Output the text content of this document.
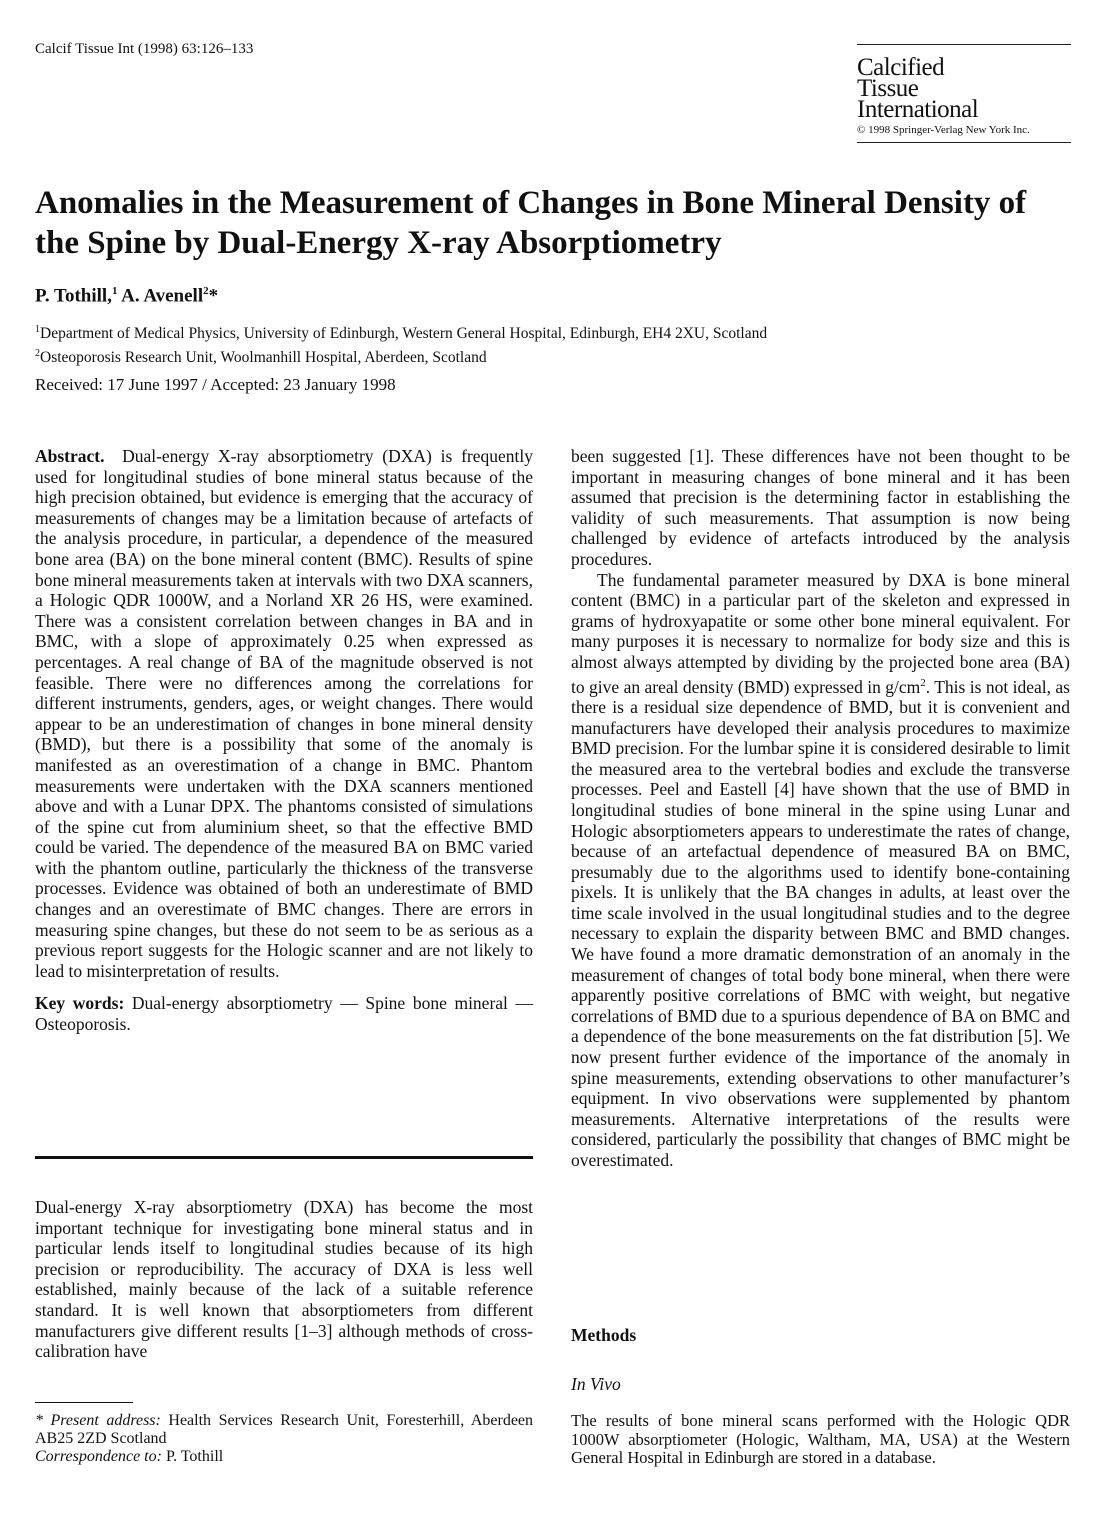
Calcif Tissue Int (1998) 63:126–133
Calcified
Tissue
International
© 1998 Springer-Verlag New York Inc.
Anomalies in the Measurement of Changes in Bone Mineral Density of the Spine by Dual-Energy X-ray Absorptiometry
P. Tothill,$^1$ A. Avenell$^2$*
$^1$Department of Medical Physics, University of Edinburgh, Western General Hospital, Edinburgh, EH4 2XU, Scotland
$^2$Osteoporosis Research Unit, Woolmanhill Hospital, Aberdeen, Scotland
Received: 17 June 1997 / Accepted: 23 January 1998

Abstract. Dual-energy X-ray absorptiometry (DXA) is frequently used for longitudinal studies of bone mineral status because of the high precision obtained, but evidence is emerging that the accuracy of measurements of changes may be a limitation because of artefacts of the analysis procedure, in particular, a dependence of the measured bone area (BA) on the bone mineral content (BMC). Results of spine bone mineral measurements taken at intervals with two DXA scanners, a Hologic QDR 1000W, and a Norland XR 26 HS, were examined. There was a consistent correlation between changes in BA and in BMC, with a slope of approximately 0.25 when expressed as percentages. A real change of BA of the magnitude observed is not feasible. There were no differences among the correlations for different instruments, genders, ages, or weight changes. There would appear to be an underestimation of changes in bone mineral density (BMD), but there is a possibility that some of the anomaly is manifested as an overestimation of a change in BMC. Phantom measurements were undertaken with the DXA scanners mentioned above and with a Lunar DPX. The phantoms consisted of simulations of the spine cut from aluminium sheet, so that the effective BMD could be varied. The dependence of the measured BA on BMC varied with the phantom outline, particularly the thickness of the transverse processes. Evidence was obtained of both an underestimate of BMD changes and an overestimate of BMC changes. There are errors in measuring spine changes, but these do not seem to be as serious as a previous report suggests for the Hologic scanner and are not likely to lead to misinterpretation of results.

Key words: Dual-energy absorptiometry — Spine bone mineral — Osteoporosis.

Dual-energy X-ray absorptiometry (DXA) has become the most important technique for investigating bone mineral status and in particular lends itself to longitudinal studies because of its high precision or reproducibility. The accuracy of DXA is less well established, mainly because of the lack of a suitable reference standard. It is well known that absorptiometers from different manufacturers give different results [1–3] although methods of cross-calibration have
* Present address: Health Services Research Unit, Foresterhill, Aberdeen AB25 2ZD Scotland
Correspondence to: P. Tothill

been suggested [1]. These differences have not been thought to be important in measuring changes of bone mineral and it has been assumed that precision is the determining factor in establishing the validity of such measurements. That assumption is now being challenged by evidence of artefacts introduced by the analysis procedures.

The fundamental parameter measured by DXA is bone mineral content (BMC) in a particular part of the skeleton and expressed in grams of hydroxyapatite or some other bone mineral equivalent. For many purposes it is necessary to normalize for body size and this is almost always attempted by dividing by the projected bone area (BA) to give an areal density (BMD) expressed in $g/cm^2$. This is not ideal, as there is a residual size dependence of BMD, but it is convenient and manufacturers have developed their analysis procedures to maximize BMD precision. For the lumbar spine it is considered desirable to limit the measured area to the vertebral bodies and exclude the transverse processes. Peel and Eastell [4] have shown that the use of BMD in longitudinal studies of bone mineral in the spine using Lunar and Hologic absorptiometers appears to underestimate the rates of change, because of an artefactual dependence of measured BA on BMC, presumably due to the algorithms used to identify bone-containing pixels. It is unlikely that the BA changes in adults, at least over the time scale involved in the usual longitudinal studies and to the degree necessary to explain the disparity between BMC and BMD changes. We have found a more dramatic demonstration of an anomaly in the measurement of changes of total body bone mineral, when there were apparently positive correlations of BMC with weight, but negative correlations of BMD due to a spurious dependence of BA on BMC and a dependence of the bone measurements on the fat distribution [5]. We now present further evidence of the importance of the anomaly in spine measurements, extending observations to other manufacturer’s equipment. In vivo observations were supplemented by phantom measurements. Alternative interpretations of the results were considered, particularly the possibility that changes of BMC might be overestimated.

Methods
In Vivo
The results of bone mineral scans performed with the Hologic QDR 1000W absorptiometer (Hologic, Waltham, MA, USA) at the Western General Hospital in Edinburgh are stored in a database.
